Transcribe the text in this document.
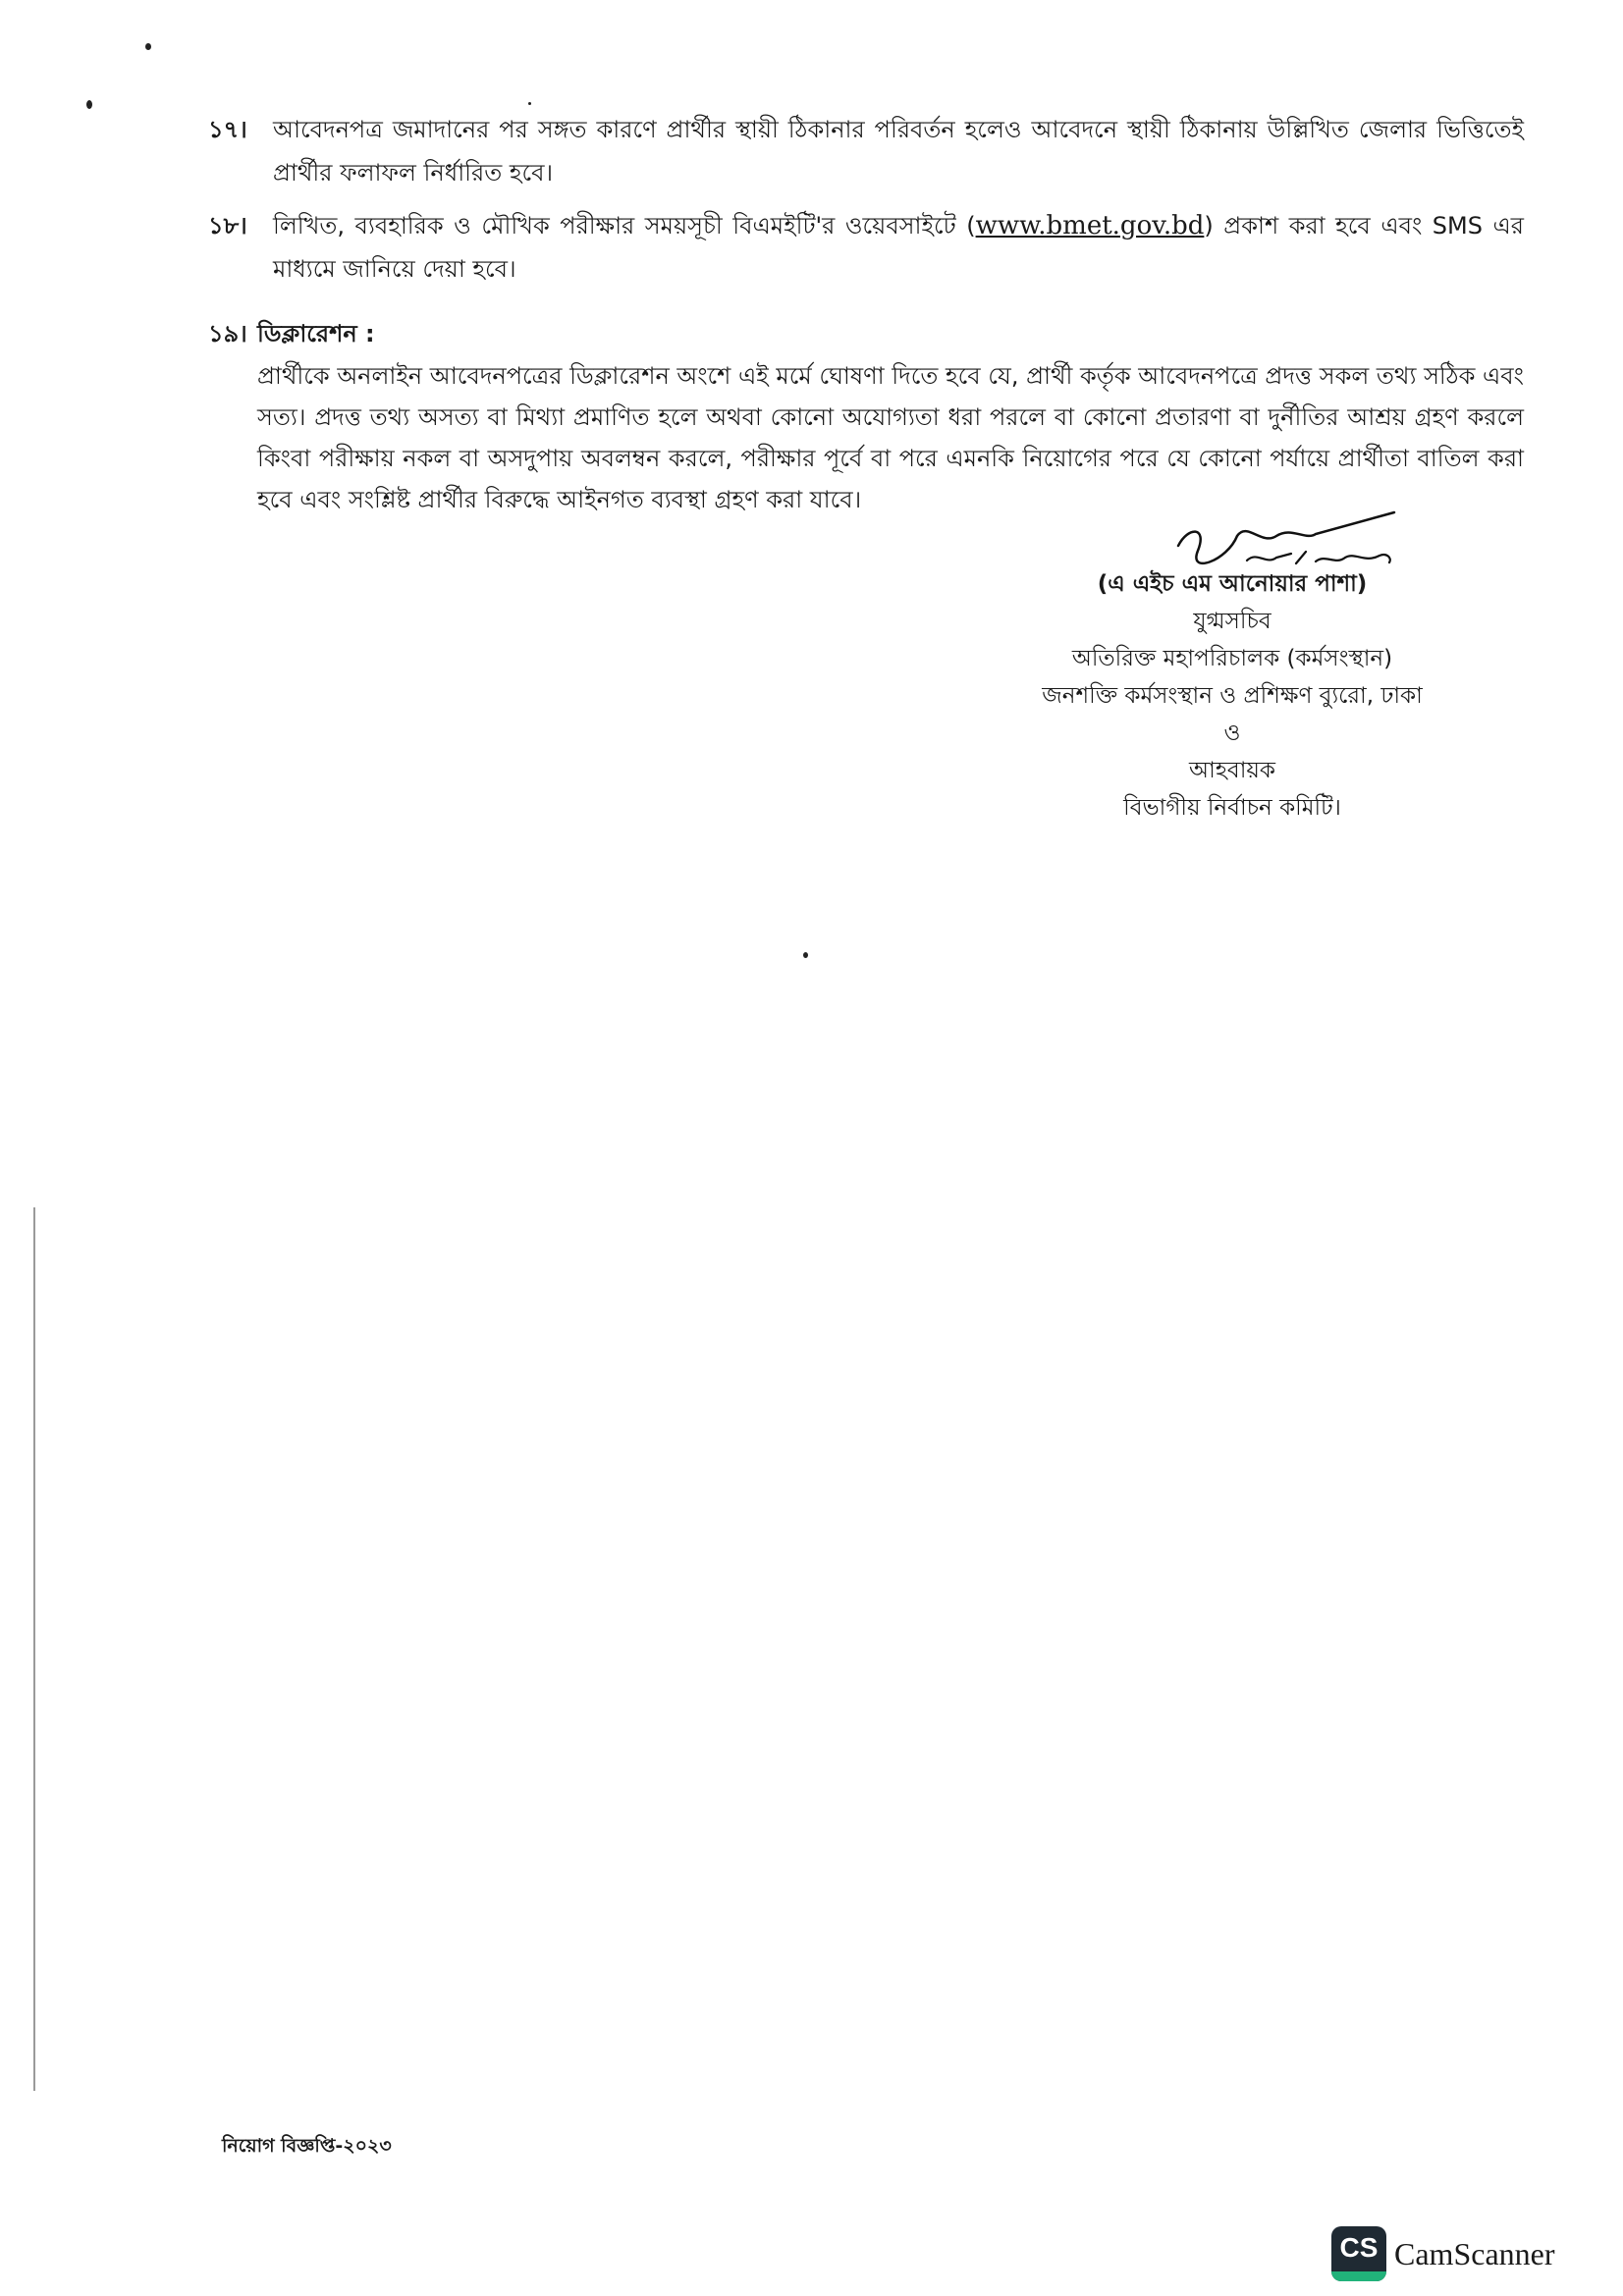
১৭। আবেদনপত্র জমাদানের পর সঙ্গত কারণে প্রার্থীর স্থায়ী ঠিকানার পরিবর্তন হলেও আবেদনে স্থায়ী ঠিকানায় উল্লিখিত জেলার ভিত্তিতেই প্রার্থীর ফলাফল নির্ধারিত হবে।
১৮। লিখিত, ব্যবহারিক ও মৌখিক পরীক্ষার সময়সূচী বিএমইটি'র ওয়েবসাইটে (www.bmet.gov.bd) প্রকাশ করা হবে এবং SMS এর মাধ্যমে জানিয়ে দেয়া হবে।
১৯। ডিক্লারেশন :
প্রার্থীকে অনলাইন আবেদনপত্রের ডিক্লারেশন অংশে এই মর্মে ঘোষণা দিতে হবে যে, প্রার্থী কর্তৃক আবেদনপত্রে প্রদত্ত সকল তথ্য সঠিক এবং সত্য। প্রদত্ত তথ্য অসত্য বা মিথ্যা প্রমাণিত হলে অথবা কোনো অযোগ্যতা ধরা পরলে বা কোনো প্রতারণা বা দুর্নীতির আশ্রয় গ্রহণ করলে কিংবা পরীক্ষায় নকল বা অসদুপায় অবলম্বন করলে, পরীক্ষার পূর্বে বা পরে এমনকি নিয়োগের পরে যে কোনো পর্যায়ে প্রার্থীতা বাতিল করা হবে এবং সংশ্লিষ্ট প্রার্থীর বিরুদ্ধে আইনগত ব্যবস্থা গ্রহণ করা যাবে।
(এ এইচ এম আনোয়ার পাশা)
যুগ্মসচিব
অতিরিক্ত মহাপরিচালক (কর্মসংস্থান)
জনশক্তি কর্মসংস্থান ও প্রশিক্ষণ ব্যুরো, ঢাকা
ও
আহবায়ক
বিভাগীয় নির্বাচন কমিটি।
নিয়োগ বিজ্ঞপ্তি-২০২৩
CS CamScanner
